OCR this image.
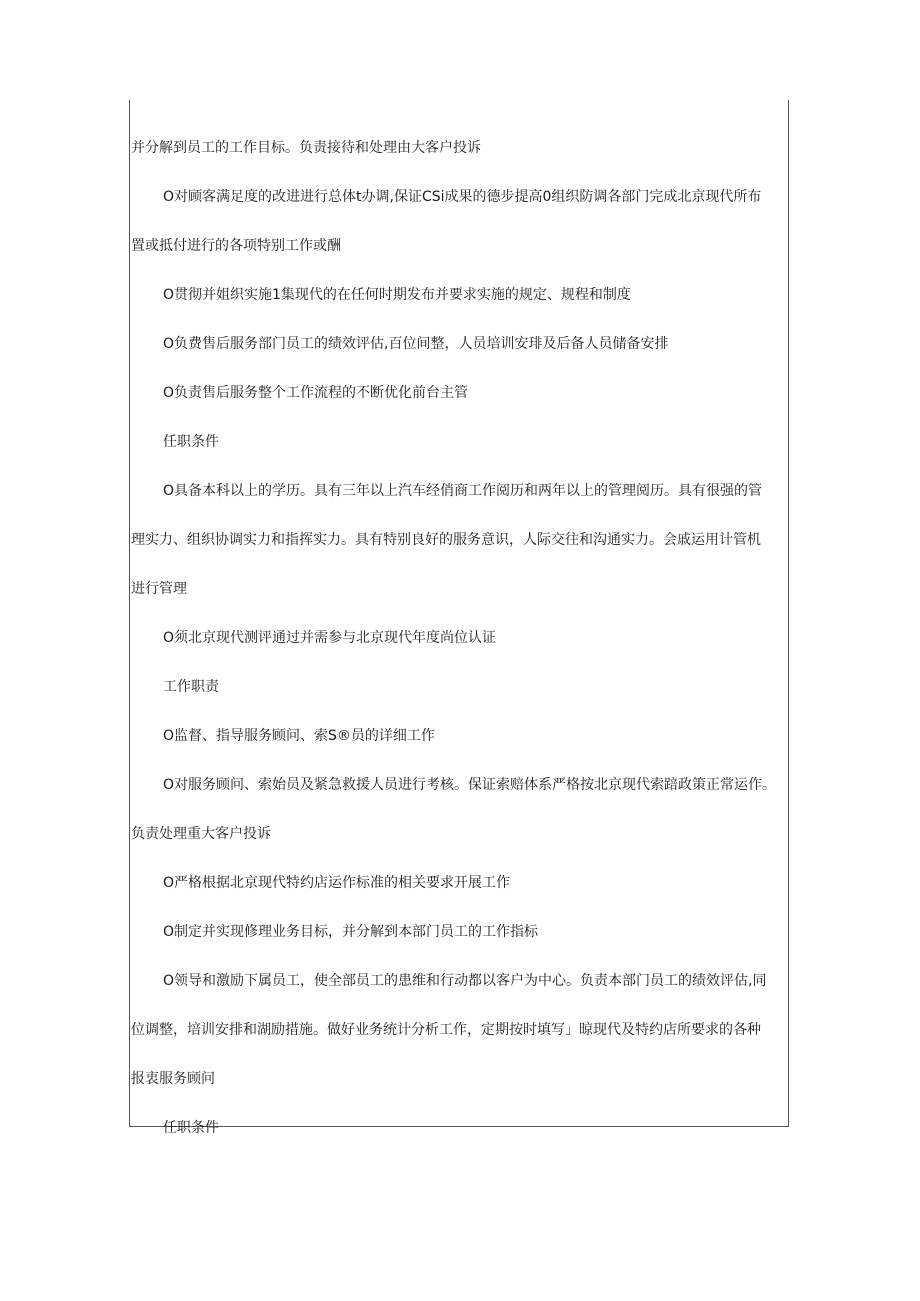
并分解到员工的工作目标。负责接待和处理由大客户投诉
O对顾客满足度的改进进行总体t办调,保证CSi成果的德步提高0组织防调各部门完成北京现代所布
置或抵付进行的各项特别工作或酬
O贯彻并姐织实施1集现代的在任何时期发布并要求实施的规定、规程和制度
O负费售后服务部门员工的绩效评估,百位间整，人员培训安琲及后备人员储备安排
O负责售后服务整个工作流程的不断优化前台主管
任职条件
O具备本科以上的学历。具有三年以上汽车经俏商工作阅历和两年以上的管理阅历。具有很强的管
理实力、组织协调实力和指挥实力。具有特别良好的服务意识，人际交往和沟通实力。会戚运用计管机
进行管理
O须北京现代测评通过并需参与北京现代年度尚位认证
工作职责
O监督、指导服务顾问、索S®员的详细工作
O对服务顾问、索始员及紧急救援人员进行考核。保证索赔体系严格按北京现代索踣政策正常运作。
负责处理重大客户投诉
O严格根据北京现代特约店运作标准的相关要求开展工作
O制定并实现修理业务目标，并分解到本部门员工的工作指标
O领导和激励下属员工，使全部员工的患维和行动都以客户为中心。负责本部门员工的绩效评估,同
位调整，培训安排和湖励措施。做好业务统计分析工作，定期按时填写」晾现代及特约店所要求的各种
报衷服务顾问
任职条件
